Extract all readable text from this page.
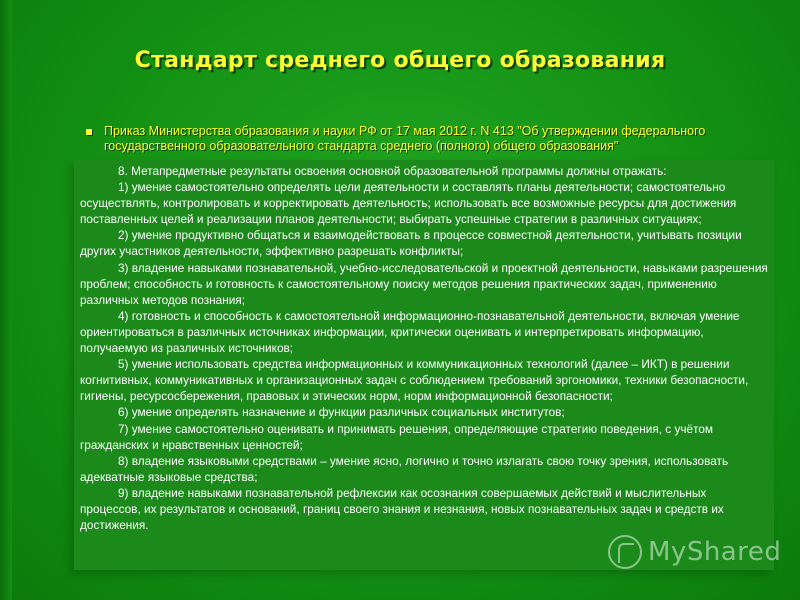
Стандарт среднего общего образования
Приказ Министерства образования и науки РФ от 17 мая 2012 г. N 413 "Об утверждении федерального государственного образовательного стандарта среднего (полного) общего образования"

8. Метапредметные результаты освоения основной образовательной программы должны отражать:

1) умение самостоятельно определять цели деятельности и составлять планы деятельности; самостоятельно осуществлять, контролировать и корректировать деятельность; использовать все возможные ресурсы для достижения поставленных целей и реализации планов деятельности; выбирать успешные стратегии в различных ситуациях;

2) умение продуктивно общаться и взаимодействовать в процессе совместной деятельности, учитывать позиции других участников деятельности, эффективно разрешать конфликты;

3) владение навыками познавательной, учебно-исследовательской и проектной деятельности, навыками разрешения проблем; способность и готовность к самостоятельному поиску методов решения практических задач, применению различных методов познания;

4) готовность и способность к самостоятельной информационно-познавательной деятельности, включая умение ориентироваться в различных источниках информации, критически оценивать и интерпретировать информацию, получаемую из различных источников;

5) умение использовать средства информационных и коммуникационных технологий (далее – ИКТ) в решении когнитивных, коммуникативных и организационных задач с соблюдением требований эргономики, техники безопасности, гигиены, ресурсосбережения, правовых и этических норм, норм информационной безопасности;

6) умение определять назначение и функции различных социальных институтов;

7) умение самостоятельно оценивать и принимать решения, определяющие стратегию поведения, с учётом гражданских и нравственных ценностей;

8) владение языковыми средствами – умение ясно, логично и точно излагать свою точку зрения, использовать адекватные языковые средства;

9) владение навыками познавательной рефлексии как осознания совершаемых действий и мыслительных процессов, их результатов и оснований, границ своего знания и незнания, новых познавательных задач и средств их достижения.

MyShared
